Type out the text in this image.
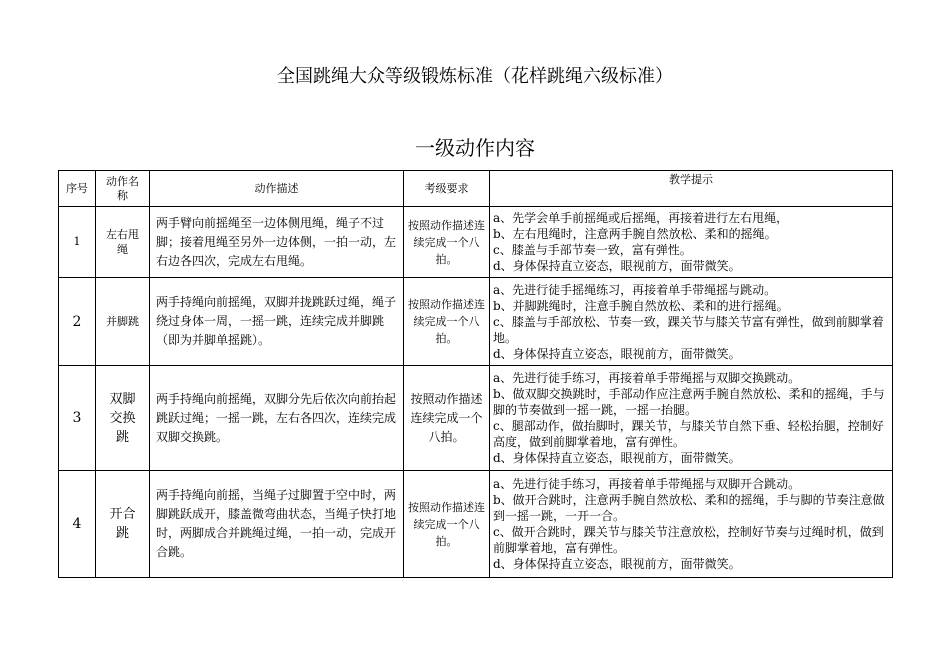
全国跳绳大众等级锻炼标准（花样跳绳六级标准）
一级动作内容
序号	动作名称	动作描述	考级要求	教学提示
1	左右甩绳	两手臂向前摇绳至一边体侧甩绳，绳子不过脚；接着甩绳至另外一边体侧，一拍一动，左右边各四次，完成左右甩绳。	按照动作描述连续完成一个八拍。	a、先学会单手前摇绳或后摇绳，再接着进行左右甩绳，
b、左右甩绳时，注意两手腕自然放松、柔和的摇绳。
c、膝盖与手部节奏一致，富有弹性。
d、身体保持直立姿态，眼视前方，面带微笑。

2	并脚跳	两手持绳向前摇绳，双脚并拢跳跃过绳，绳子绕过身体一周，一摇一跳，连续完成并脚跳（即为并脚单摇跳）。	按照动作描述连续完成一个八拍。	a、先进行徒手摇绳练习，再接着单手带绳摇与跳动。
b、并脚跳绳时，注意手腕自然放松、柔和的进行摇绳。
c、膝盖与手部放松、节奏一致，踝关节与膝关节富有弹性，做到前脚掌着地。
d、身体保持直立姿态，眼视前方，面带微笑。

3	双脚交换跳	两手持绳向前摇绳，双脚分先后依次向前抬起跳跃过绳；一摇一跳，左右各四次，连续完成双脚交换跳。	按照动作描述连续完成一个八拍。	a、先进行徒手练习，再接着单手带绳摇与双脚交换跳动。
b、做双脚交换跳时，手部动作应注意两手腕自然放松、柔和的摇绳，手与脚的节奏做到一摇一跳，一摇一抬腿。
c、腿部动作，做抬脚时，踝关节，与膝关节自然下垂、轻松抬腿，控制好高度，做到前脚掌着地，富有弹性。
d、身体保持直立姿态，眼视前方，面带微笑。

4	开合跳	两手持绳向前摇，当绳子过脚置于空中时，两脚跳跃成开，膝盖微弯曲状态，当绳子快打地时，两脚成合并跳绳过绳，一拍一动，完成开合跳。	按照动作描述连续完成一个八拍。	a、先进行徒手练习，再接着单手带绳摇与双脚开合跳动。
b、做开合跳时，注意两手腕自然放松、柔和的摇绳，手与脚的节奏注意做到一摇一跳，一开一合。
c、做开合跳时，踝关节与膝关节注意放松，控制好节奏与过绳时机，做到前脚掌着地，富有弹性。
d、身体保持直立姿态，眼视前方，面带微笑。
